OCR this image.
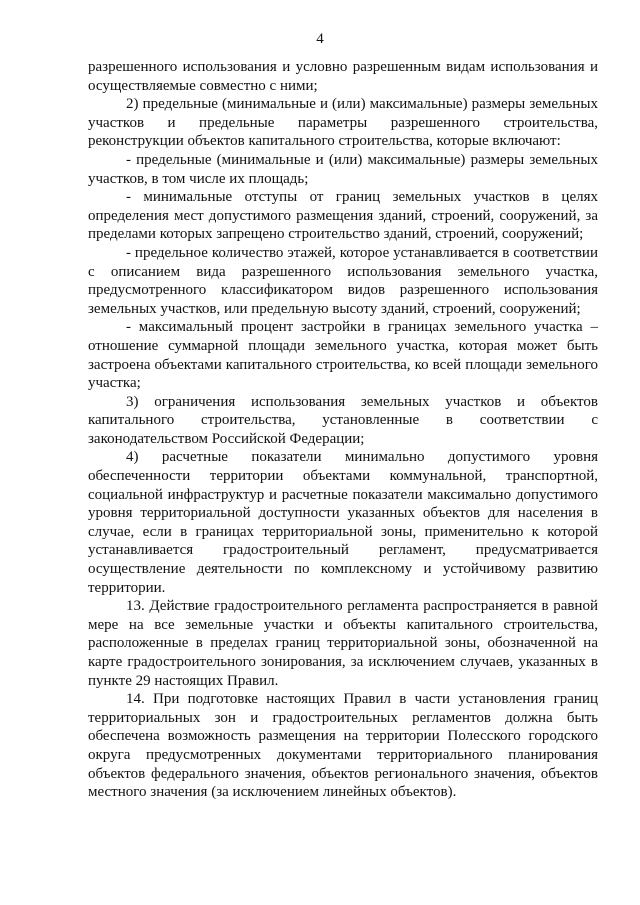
4

разрешенного использования и условно разрешенным видам использования и осуществляемые совместно с ними;

2) предельные (минимальные и (или) максимальные) размеры земельных участков и предельные параметры разрешенного строительства, реконструкции объектов капитального строительства, которые включают:

- предельные (минимальные и (или) максимальные) размеры земельных участков, в том числе их площадь;

- минимальные отступы от границ земельных участков в целях определения мест допустимого размещения зданий, строений, сооружений, за пределами которых запрещено строительство зданий, строений, сооружений;

- предельное количество этажей, которое устанавливается в соответствии с описанием вида разрешенного использования земельного участка, предусмотренного классификатором видов разрешенного использования земельных участков, или предельную высоту зданий, строений, сооружений;

- максимальный процент застройки в границах земельного участка – отношение суммарной площади земельного участка, которая может быть застроена объектами капитального строительства, ко всей площади земельного участка;

3) ограничения использования земельных участков и объектов капитального строительства, установленные в соответствии с законодательством Российской Федерации;

4) расчетные показатели минимально допустимого уровня обеспеченности территории объектами коммунальной, транспортной, социальной инфраструктур и расчетные показатели максимально допустимого уровня территориальной доступности указанных объектов для населения в случае, если в границах территориальной зоны, применительно к которой устанавливается градостроительный регламент, предусматривается осуществление деятельности по комплексному и устойчивому развитию территории.

13. Действие градостроительного регламента распространяется в равной мере на все земельные участки и объекты капитального строительства, расположенные в пределах границ территориальной зоны, обозначенной на карте градостроительного зонирования, за исключением случаев, указанных в пункте 29 настоящих Правил.

14. При подготовке настоящих Правил в части установления границ территориальных зон и градостроительных регламентов должна быть обеспечена возможность размещения на территории Полесского городского округа предусмотренных документами территориального планирования объектов федерального значения, объектов регионального значения, объектов местного значения (за исключением линейных объектов).
